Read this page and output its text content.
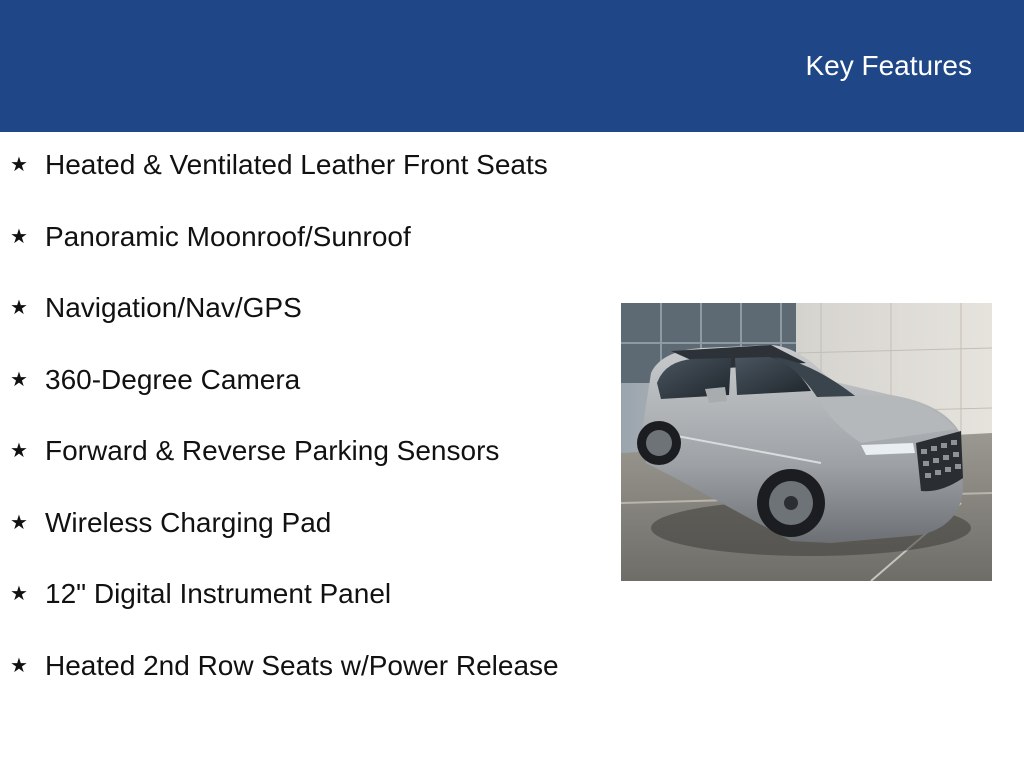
Key Features
★ Heated & Ventilated Leather Front Seats
★ Panoramic Moonroof/Sunroof
★ Navigation/Nav/GPS
★ 360-Degree Camera
★ Forward & Reverse Parking Sensors
★ Wireless Charging Pad
★ 12" Digital Instrument Panel
★ Heated 2nd Row Seats w/Power Release
